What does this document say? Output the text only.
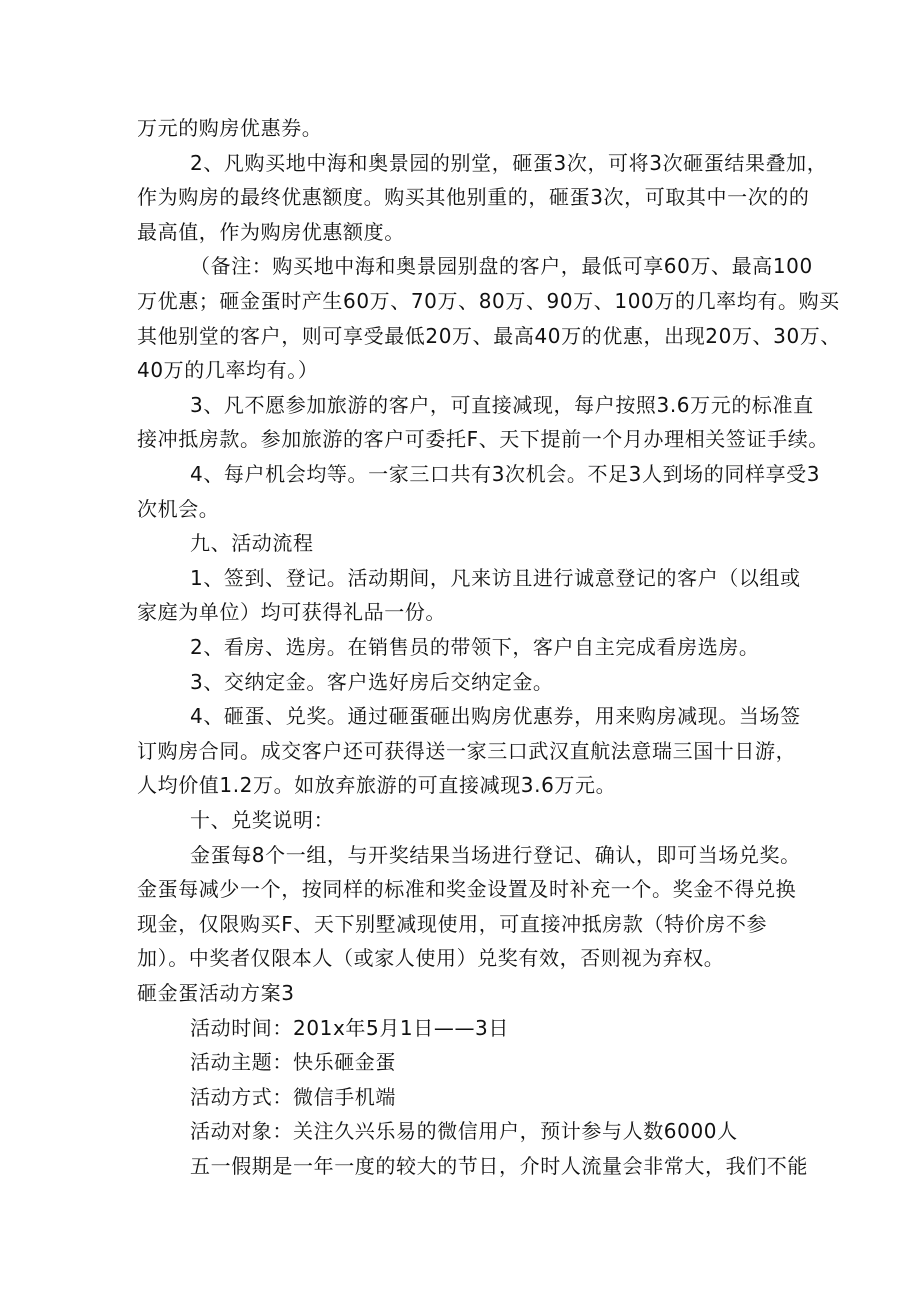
万元的购房优惠券。
2、凡购买地中海和奥景园的别堂，砸蛋3次，可将3次砸蛋结果叠加，
作为购房的最终优惠额度。购买其他别重的，砸蛋3次，可取其中一次的的
最高值，作为购房优惠额度。
（备注：购买地中海和奥景园别盘的客户，最低可享60万、最高100
万优惠；砸金蛋时产生60万、70万、80万、90万、100万的几率均有。购买
其他别堂的客户，则可享受最低20万、最高40万的优惠，出现20万、30万、
40万的几率均有。）
3、凡不愿参加旅游的客户，可直接减现，每户按照3.6万元的标准直
接冲抵房款。参加旅游的客户可委托F、天下提前一个月办理相关签证手续。
4、每户机会均等。一家三口共有3次机会。不足3人到场的同样享受3
次机会。
九、活动流程
1、签到、登记。活动期间，凡来访且进行诚意登记的客户（以组或
家庭为单位）均可获得礼品一份。
2、看房、选房。在销售员的带领下，客户自主完成看房选房。
3、交纳定金。客户选好房后交纳定金。
4、砸蛋、兑奖。通过砸蛋砸出购房优惠券，用来购房减现。当场签
订购房合同。成交客户还可获得送一家三口武汉直航法意瑞三国十日游，
人均价值1.2万。如放弃旅游的可直接减现3.6万元。
十、兑奖说明：
金蛋每8个一组，与开奖结果当场进行登记、确认，即可当场兑奖。
金蛋每减少一个，按同样的标准和奖金设置及时补充一个。奖金不得兑换
现金，仅限购买F、天下别墅减现使用，可直接冲抵房款（特价房不参
加）。中奖者仅限本人（或家人使用）兑奖有效，否则视为弃权。
砸金蛋活动方案3
活动时间：201x年5月1日——3日
活动主题：快乐砸金蛋
活动方式：微信手机端
活动对象：关注久兴乐易的微信用户，预计参与人数6000人
五一假期是一年一度的较大的节日，介时人流量会非常大，我们不能
